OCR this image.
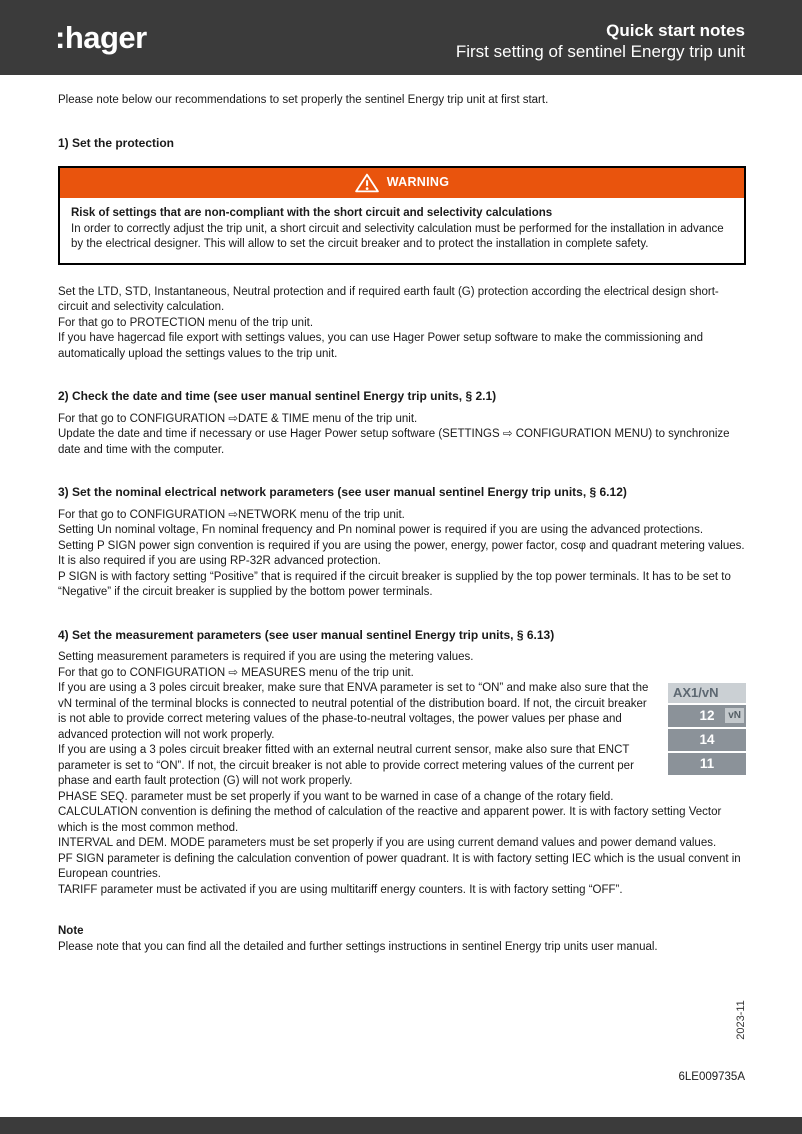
:hager	Quick start notes
First setting of sentinel Energy trip unit

Please note below our recommendations to set properly the sentinel Energy trip unit at first start.

1) Set the protection
WARNING

Risk of settings that are non-compliant with the short circuit and selectivity calculations

In order to correctly adjust the trip unit, a short circuit and selectivity calculation must be performed for the installation in advance by the electrical designer. This will allow to set the circuit breaker and to protect the installation in complete safety.

Set the LTD, STD, Instantaneous, Neutral protection and if required earth fault (G) protection according the electrical design short-circuit and selectivity calculation.

For that go to PROTECTION menu of the trip unit.

If you have hagercad file export with settings values, you can use Hager Power setup software to make the commissioning and automatically upload the settings values to the trip unit.

2) Check the date and time (see user manual sentinel Energy trip units, § 2.1)

For that go to CONFIGURATION ⇨DATE & TIME menu of the trip unit.

Update the date and time if necessary or use Hager Power setup software (SETTINGS ⇨ CONFIGURATION MENU) to synchronize date and time with the computer.

3) Set the nominal electrical network parameters (see user manual sentinel Energy trip units, § 6.12)

For that go to CONFIGURATION ⇨NETWORK menu of the trip unit.

Setting Un nominal voltage, Fn nominal frequency and Pn nominal power is required if you are using the advanced protections.

Setting P SIGN power sign convention is required if you are using the power, energy, power factor, cosφ and quadrant metering values. It is also required if you are using RP-32R advanced protection.

P SIGN is with factory setting “Positive” that is required if the circuit breaker is supplied by the top power terminals. It has to be set to “Negative” if the circuit breaker is supplied by the bottom power terminals.

4) Set the measurement parameters (see user manual sentinel Energy trip units, § 6.13)

Setting measurement parameters is required if you are using the metering values.

For that go to CONFIGURATION ⇨ MEASURES menu of the trip unit.

AX1/vN
12	vN
14
11

If you are using a 3 poles circuit breaker, make sure that ENVA parameter is set to “ON” and make also sure that the vN terminal of the terminal blocks is connected to neutral potential of the distribution board. If not, the circuit breaker is not able to provide correct metering values of the phase-to-neutral voltages, the power values per phase and advanced protection will not work properly.

If you are using a 3 poles circuit breaker fitted with an external neutral current sensor, make also sure that ENCT parameter is set to “ON”. If not, the circuit breaker is not able to provide correct metering values of the current per phase and earth fault protection (G) will not work properly.

PHASE SEQ. parameter must be set properly if you want to be warned in case of a change of the rotary field.

CALCULATION convention is defining the method of calculation of the reactive and apparent power. It is with factory setting Vector which is the most common method.

INTERVAL and DEM. MODE parameters must be set properly if you are using current demand values and power demand values.

PF SIGN parameter is defining the calculation convention of power quadrant. It is with factory setting IEC which is the usual convent in European countries.

TARIFF parameter must be activated if you are using multitariff energy counters. It is with factory setting “OFF”.

Note

Please note that you can find all the detailed and further settings instructions in sentinel Energy trip units user manual.

2023-11
6LE009735A
